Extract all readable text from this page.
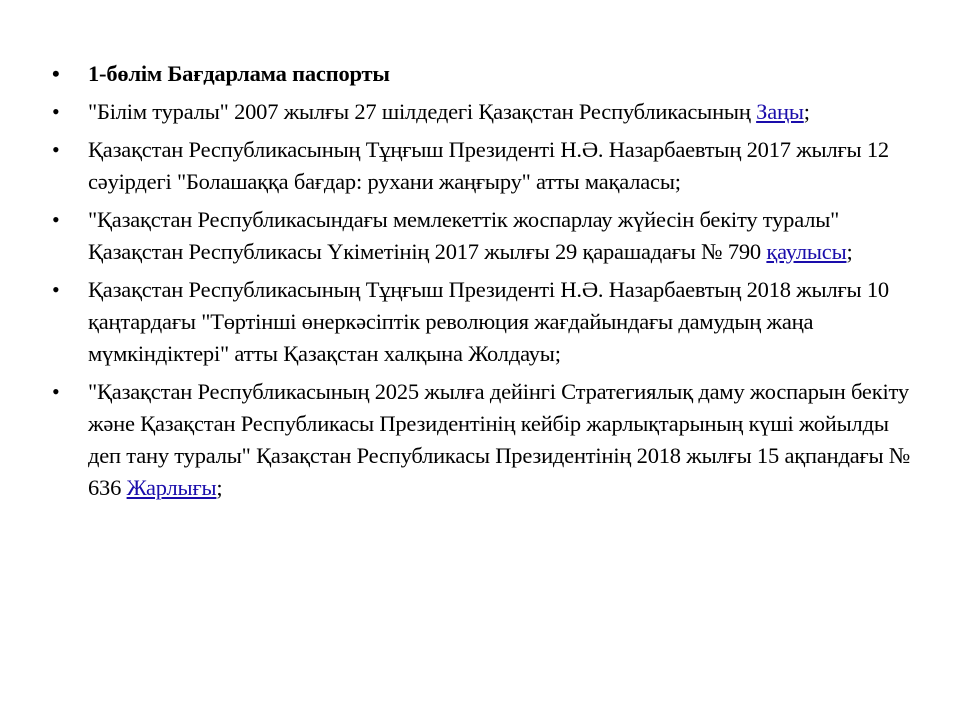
•	1-бөлім Бағдарлама паспорты
•	"Білім туралы" 2007 жылғы 27 шілдедегі Қазақстан Республикасының Заңы;
•	Қазақстан Республикасының Тұңғыш Президенті Н.Ә. Назарбаевтың 2017 жылғы 12 сәуірдегі "Болашаққа бағдар: рухани жаңғыру" атты мақаласы;
•	"Қазақстан Республикасындағы мемлекеттік жоспарлау жүйесін бекіту туралы" Қазақстан Республикасы Үкіметінің 2017 жылғы 29 қарашадағы № 790 қаулысы;
•	Қазақстан Республикасының Тұңғыш Президенті Н.Ә. Назарбаевтың 2018 жылғы 10 қаңтардағы "Төртінші өнеркәсіптік революция жағдайындағы дамудың жаңа мүмкіндіктері" атты Қазақстан халқына Жолдауы;
•	"Қазақстан Республикасының 2025 жылға дейінгі Стратегиялық даму жоспарын бекіту және Қазақстан Республикасы Президентінің кейбір жарлықтарының күші жойылды деп тану туралы" Қазақстан Республикасы Президентінің 2018 жылғы 15 ақпандағы № 636 Жарлығы;
